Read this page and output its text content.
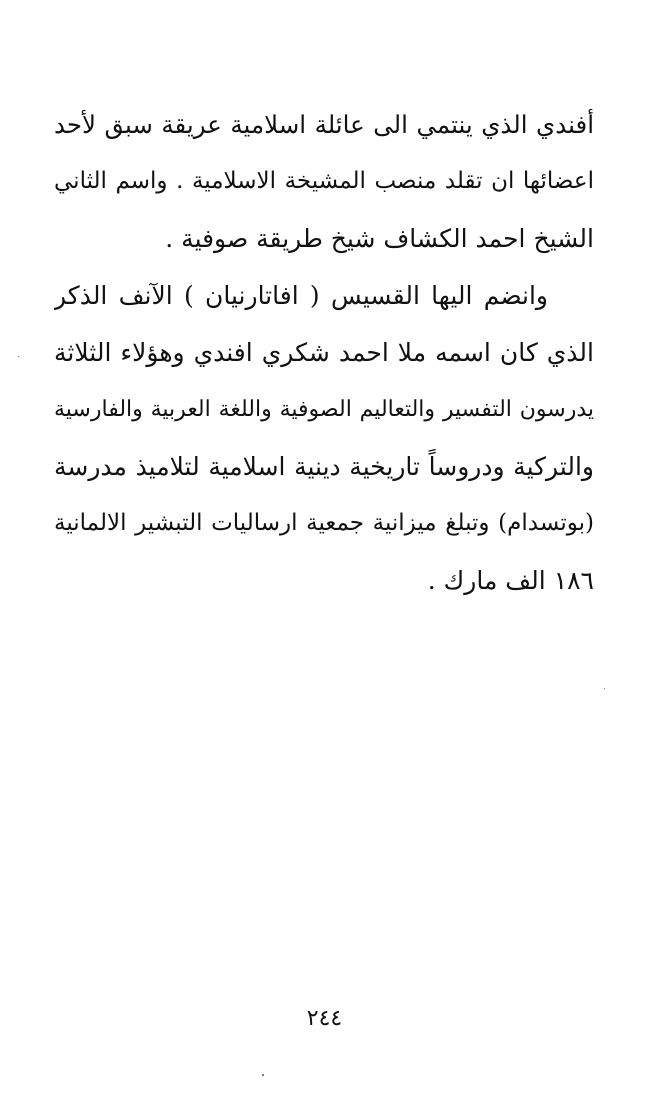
أفندي الذي ينتمي الى عائلة اسلامية عريقة سبق لأحد
اعضائها ان تقلد منصب المشيخة الاسلامية . واسم الثاني
الشيخ احمد الكشاف شيخ طريقة صوفية .
وانضم اليها القسيس ( افاتارنيان ) الآنف الذكر
الذي كان اسمه ملا احمد شكري افندي وهؤلاء الثلاثة
يدرسون التفسير والتعاليم الصوفية واللغة العربية والفارسية
والتركية ودروساً تاريخية دينية اسلامية لتلاميذ مدرسة
(بوتسدام) وتبلغ ميزانية جمعية ارساليات التبشير الالمانية
١٨٦ الف مارك .
٢٤٤
